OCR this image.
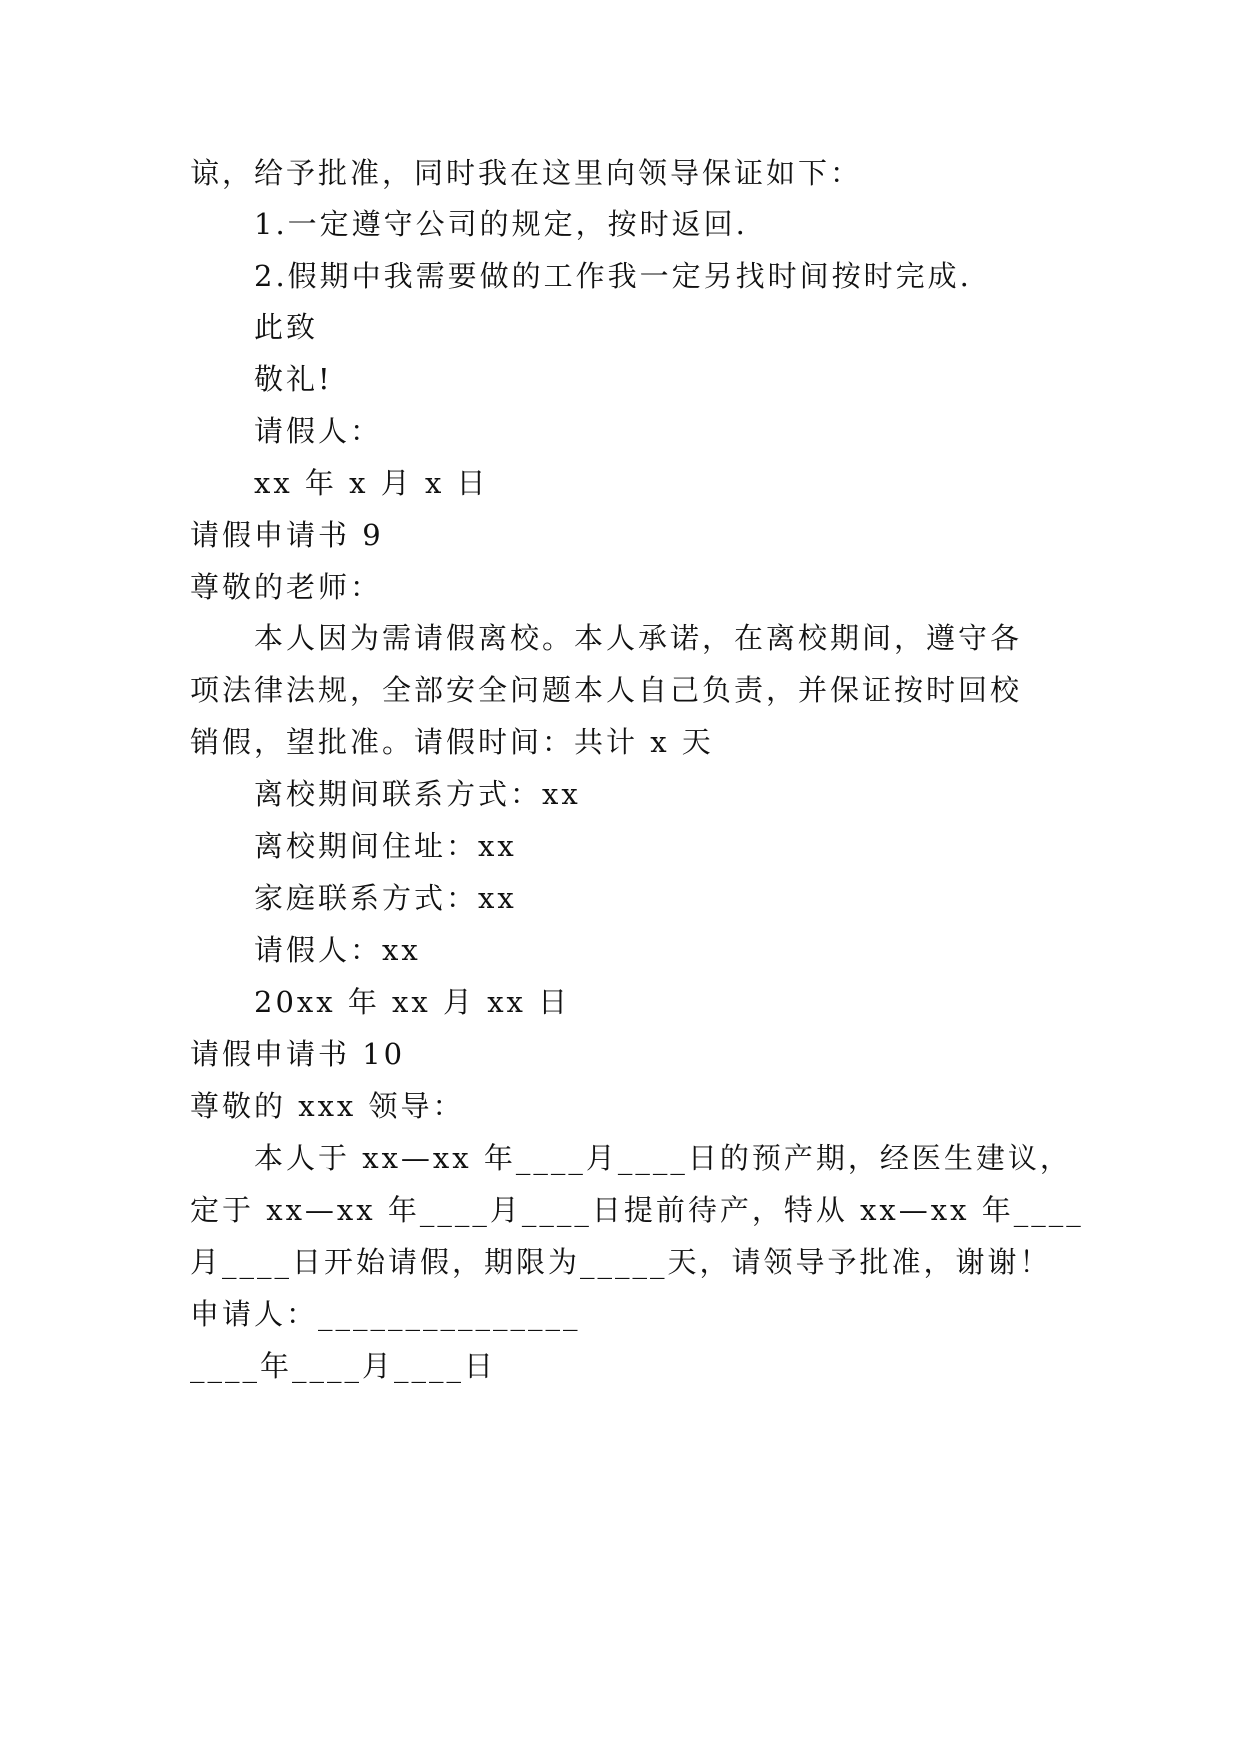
谅，给予批准，同时我在这里向领导保证如下：
1.一定遵守公司的规定，按时返回.
2.假期中我需要做的工作我一定另找时间按时完成.
此致
敬礼!
请假人：
xx 年 x 月 x 日
请假申请书 9
尊敬的老师：
本人因为需请假离校。本人承诺，在离校期间，遵守各
项法律法规，全部安全问题本人自己负责，并保证按时回校
销假，望批准。请假时间：共计 x 天
离校期间联系方式：xx
离校期间住址：xx
家庭联系方式：xx
请假人：xx
20xx 年 xx 月 xx 日
请假申请书 10
尊敬的 xxx 领导：
本人于 xx—xx 年____月____日的预产期，经医生建议，
定于 xx—xx 年____月____日提前待产，特从 xx—xx 年____
月____日开始请假，期限为_____天，请领导予批准，谢谢！
申请人：_______________
____年____月____日
